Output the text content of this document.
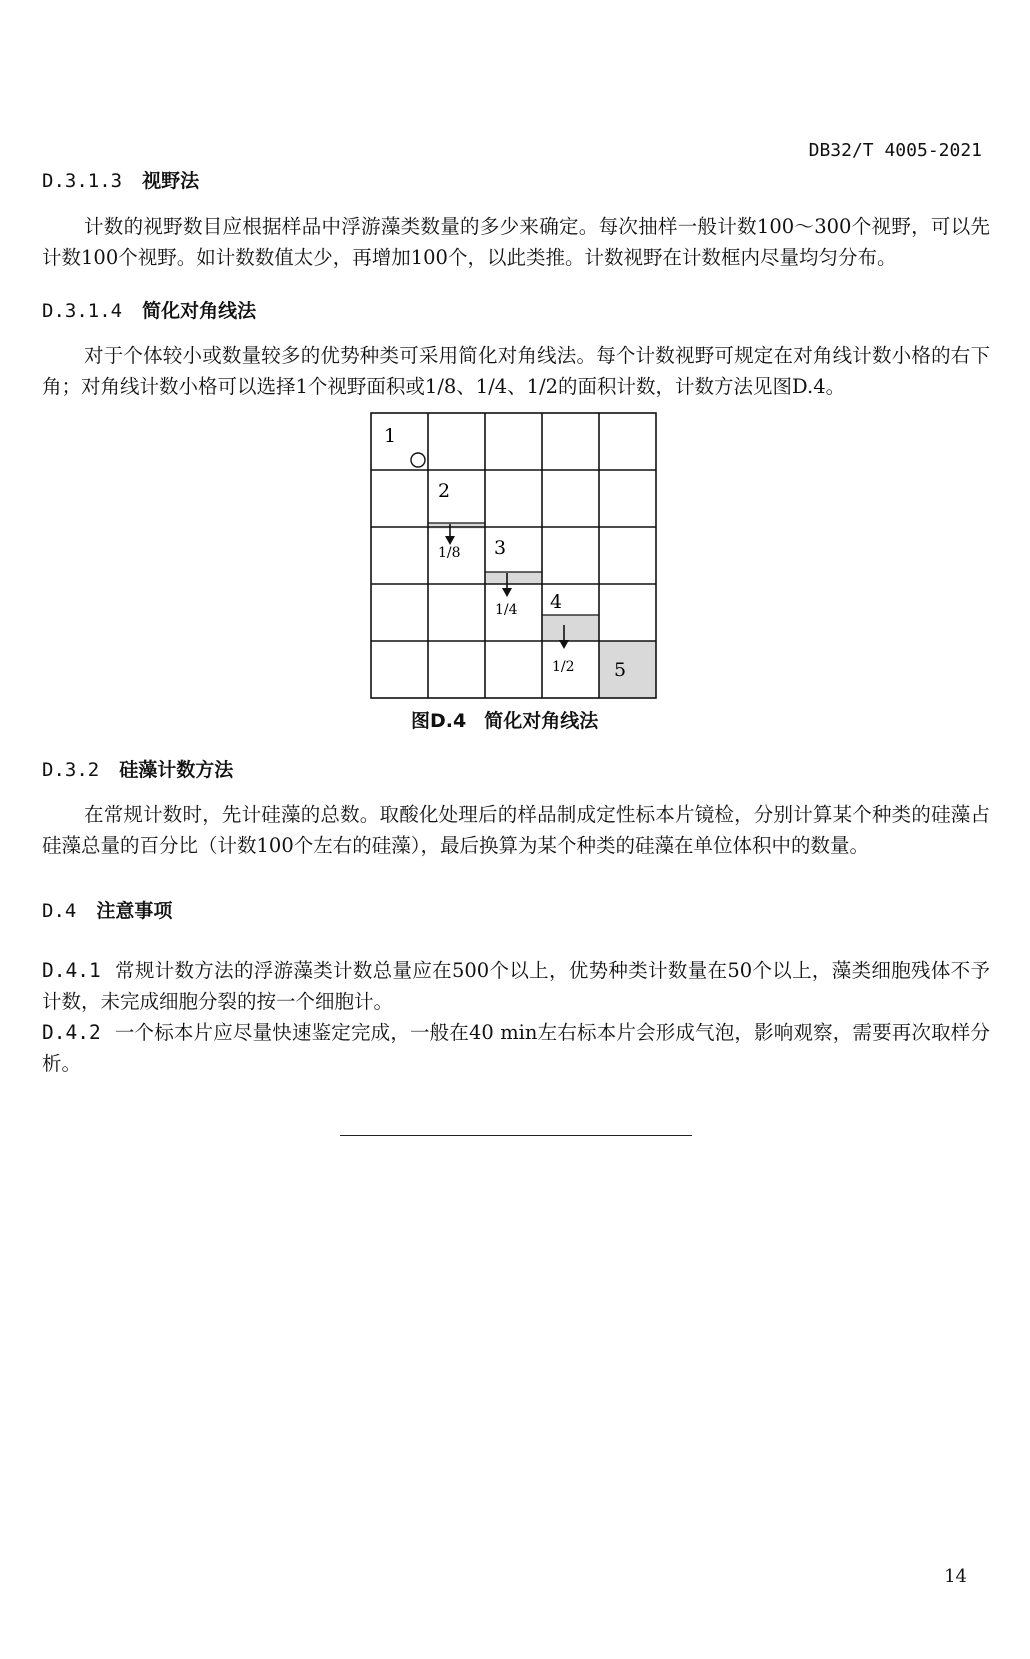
DB32/T 4005-2021
D.3.1.3 视野法
计数的视野数目应根据样品中浮游藻类数量的多少来确定。每次抽样一般计数100～300个视野，可以先计数100个视野。如计数数值太少，再增加100个，以此类推。计数视野在计数框内尽量均匀分布。
D.3.1.4 简化对角线法
对于个体较小或数量较多的优势种类可采用简化对角线法。每个计数视野可规定在对角线计数小格的右下角；对角线计数小格可以选择1个视野面积或1/8、1/4、1/2的面积计数，计数方法见图D.4。
1
2
3
4
5
1/8
1/4
1/2
图D.4 简化对角线法
D.3.2 硅藻计数方法
在常规计数时，先计硅藻的总数。取酸化处理后的样品制成定性标本片镜检，分别计算某个种类的硅藻占硅藻总量的百分比（计数100个左右的硅藻），最后换算为某个种类的硅藻在单位体积中的数量。
D.4 注意事项
D.4.1 常规计数方法的浮游藻类计数总量应在500个以上，优势种类计数量在50个以上，藻类细胞残体不予计数，未完成细胞分裂的按一个细胞计。
D.4.2 一个标本片应尽量快速鉴定完成，一般在40 min左右标本片会形成气泡，影响观察，需要再次取样分析。
14
